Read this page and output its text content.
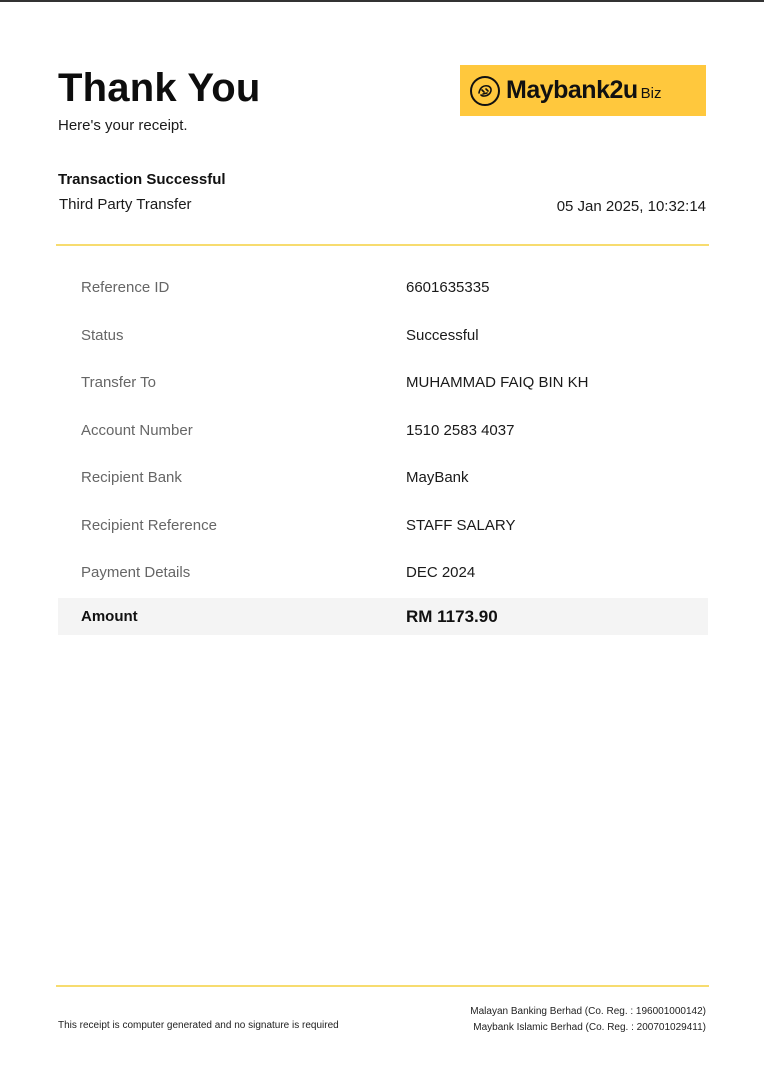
Thank You
Here's your receipt.
Maybank2u Biz
Transaction Successful
Third Party Transfer	05 Jan 2025, 10:32:14
Reference ID	6601635335
Status	Successful
Transfer To	MUHAMMAD FAIQ BIN KH
Account Number	1510 2583 4037
Recipient Bank	MayBank
Recipient Reference	STAFF SALARY
Payment Details	DEC 2024
Amount	RM 1173.90
This receipt is computer generated and no signature is required
Malayan Banking Berhad (Co. Reg. : 196001000142)
Maybank Islamic Berhad (Co. Reg. : 200701029411)
